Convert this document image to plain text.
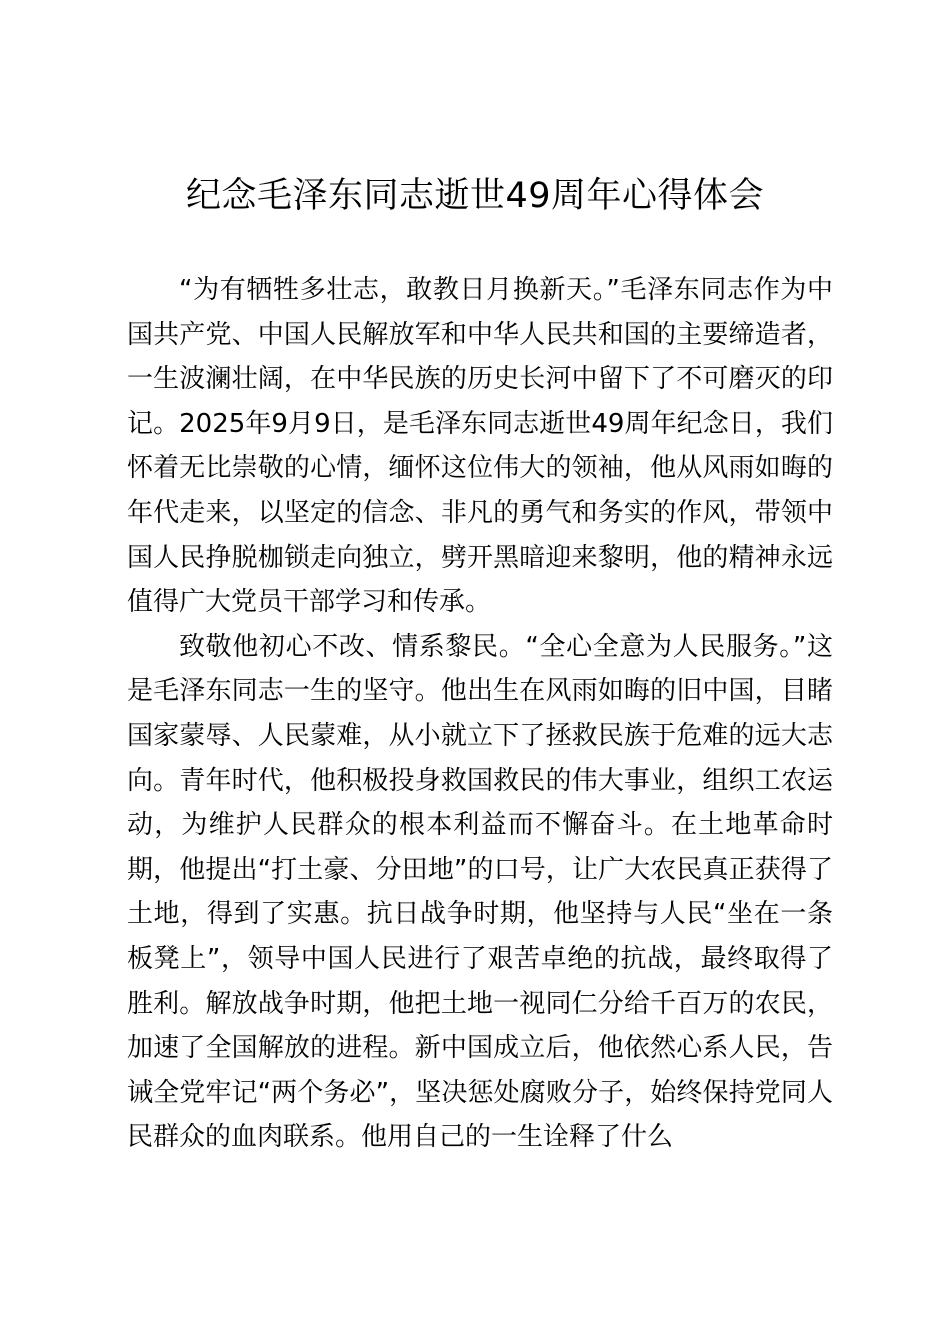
纪念毛泽东同志逝世49周年心得体会

“为有牺牲多壮志，敢教日月换新天。”毛泽东同志作为中国共产党、中国人民解放军和中华人民共和国的主要缔造者，一生波澜壮阔，在中华民族的历史长河中留下了不可磨灭的印记。2025年9月9日，是毛泽东同志逝世49周年纪念日，我们怀着无比崇敬的心情，缅怀这位伟大的领袖，他从风雨如晦的年代走来，以坚定的信念、非凡的勇气和务实的作风，带领中国人民挣脱枷锁走向独立，劈开黑暗迎来黎明，他的精神永远值得广大党员干部学习和传承。

致敬他初心不改、情系黎民。“全心全意为人民服务。”这是毛泽东同志一生的坚守。他出生在风雨如晦的旧中国，目睹国家蒙辱、人民蒙难，从小就立下了拯救民族于危难的远大志向。青年时代，他积极投身救国救民的伟大事业，组织工农运动，为维护人民群众的根本利益而不懈奋斗。在土地革命时期，他提出“打土豪、分田地”的口号，让广大农民真正获得了土地，得到了实惠。抗日战争时期，他坚持与人民“坐在一条板凳上”，领导中国人民进行了艰苦卓绝的抗战，最终取得了胜利。解放战争时期，他把土地一视同仁分给千百万的农民，加速了全国解放的进程。新中国成立后，他依然心系人民，告诫全党牢记“两个务必”，坚决惩处腐败分子，始终保持党同人民群众的血肉联系。他用自己的一生诠释了什么
